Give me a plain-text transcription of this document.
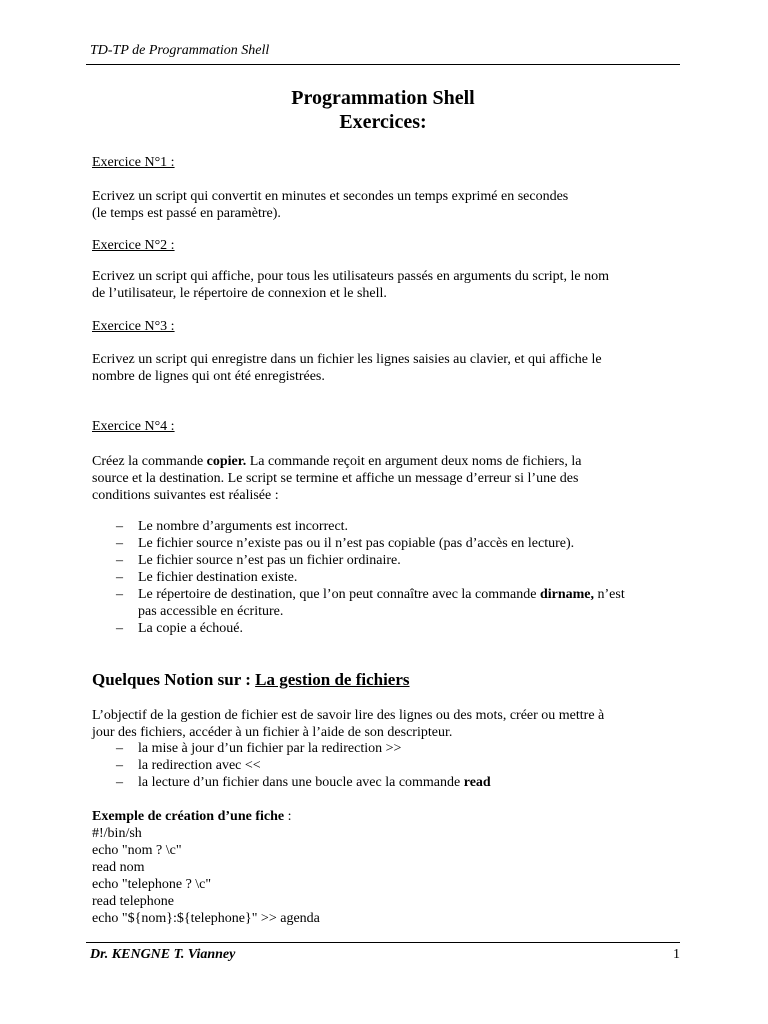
TD-TP de Programmation Shell
Programmation Shell
Exercices:
Exercice N°1 :
Ecrivez un script qui convertit en minutes et secondes un temps exprimé en secondes
(le temps est passé en paramètre).
Exercice N°2 :
Ecrivez un script qui affiche, pour tous les utilisateurs passés en arguments du script, le nom
de l’utilisateur, le répertoire de connexion et le shell.
Exercice N°3 :
Ecrivez un script qui enregistre dans un fichier les lignes saisies au clavier, et qui affiche le
nombre de lignes qui ont été enregistrées.
Exercice N°4 :
Créez la commande copier. La commande reçoit en argument deux noms de fichiers, la
source et la destination. Le script se termine et affiche un message d’erreur si l’une des
conditions suivantes est réalisée :
– Le nombre d’arguments est incorrect.
– Le fichier source n’existe pas ou il n’est pas copiable (pas d’accès en lecture).
– Le fichier source n’est pas un fichier ordinaire.
– Le fichier destination existe.
– Le répertoire de destination, que l’on peut connaître avec la commande dirname, n’est
pas accessible en écriture.
– La copie a échoué.
Quelques Notion sur : La gestion de fichiers
L’objectif de la gestion de fichier est de savoir lire des lignes ou des mots, créer ou mettre à
jour des fichiers, accéder à un fichier à l’aide de son descripteur.
– la mise à jour d’un fichier par la redirection >>
– la redirection avec <<
– la lecture d’un fichier dans une boucle avec la commande read
Exemple de création d’une fiche :
#!/bin/sh
echo "nom ? \c"
read nom
echo "telephone ? \c"
read telephone
echo "${nom}:${telephone}" >> agenda
Dr. KENGNE T. Vianney	1
